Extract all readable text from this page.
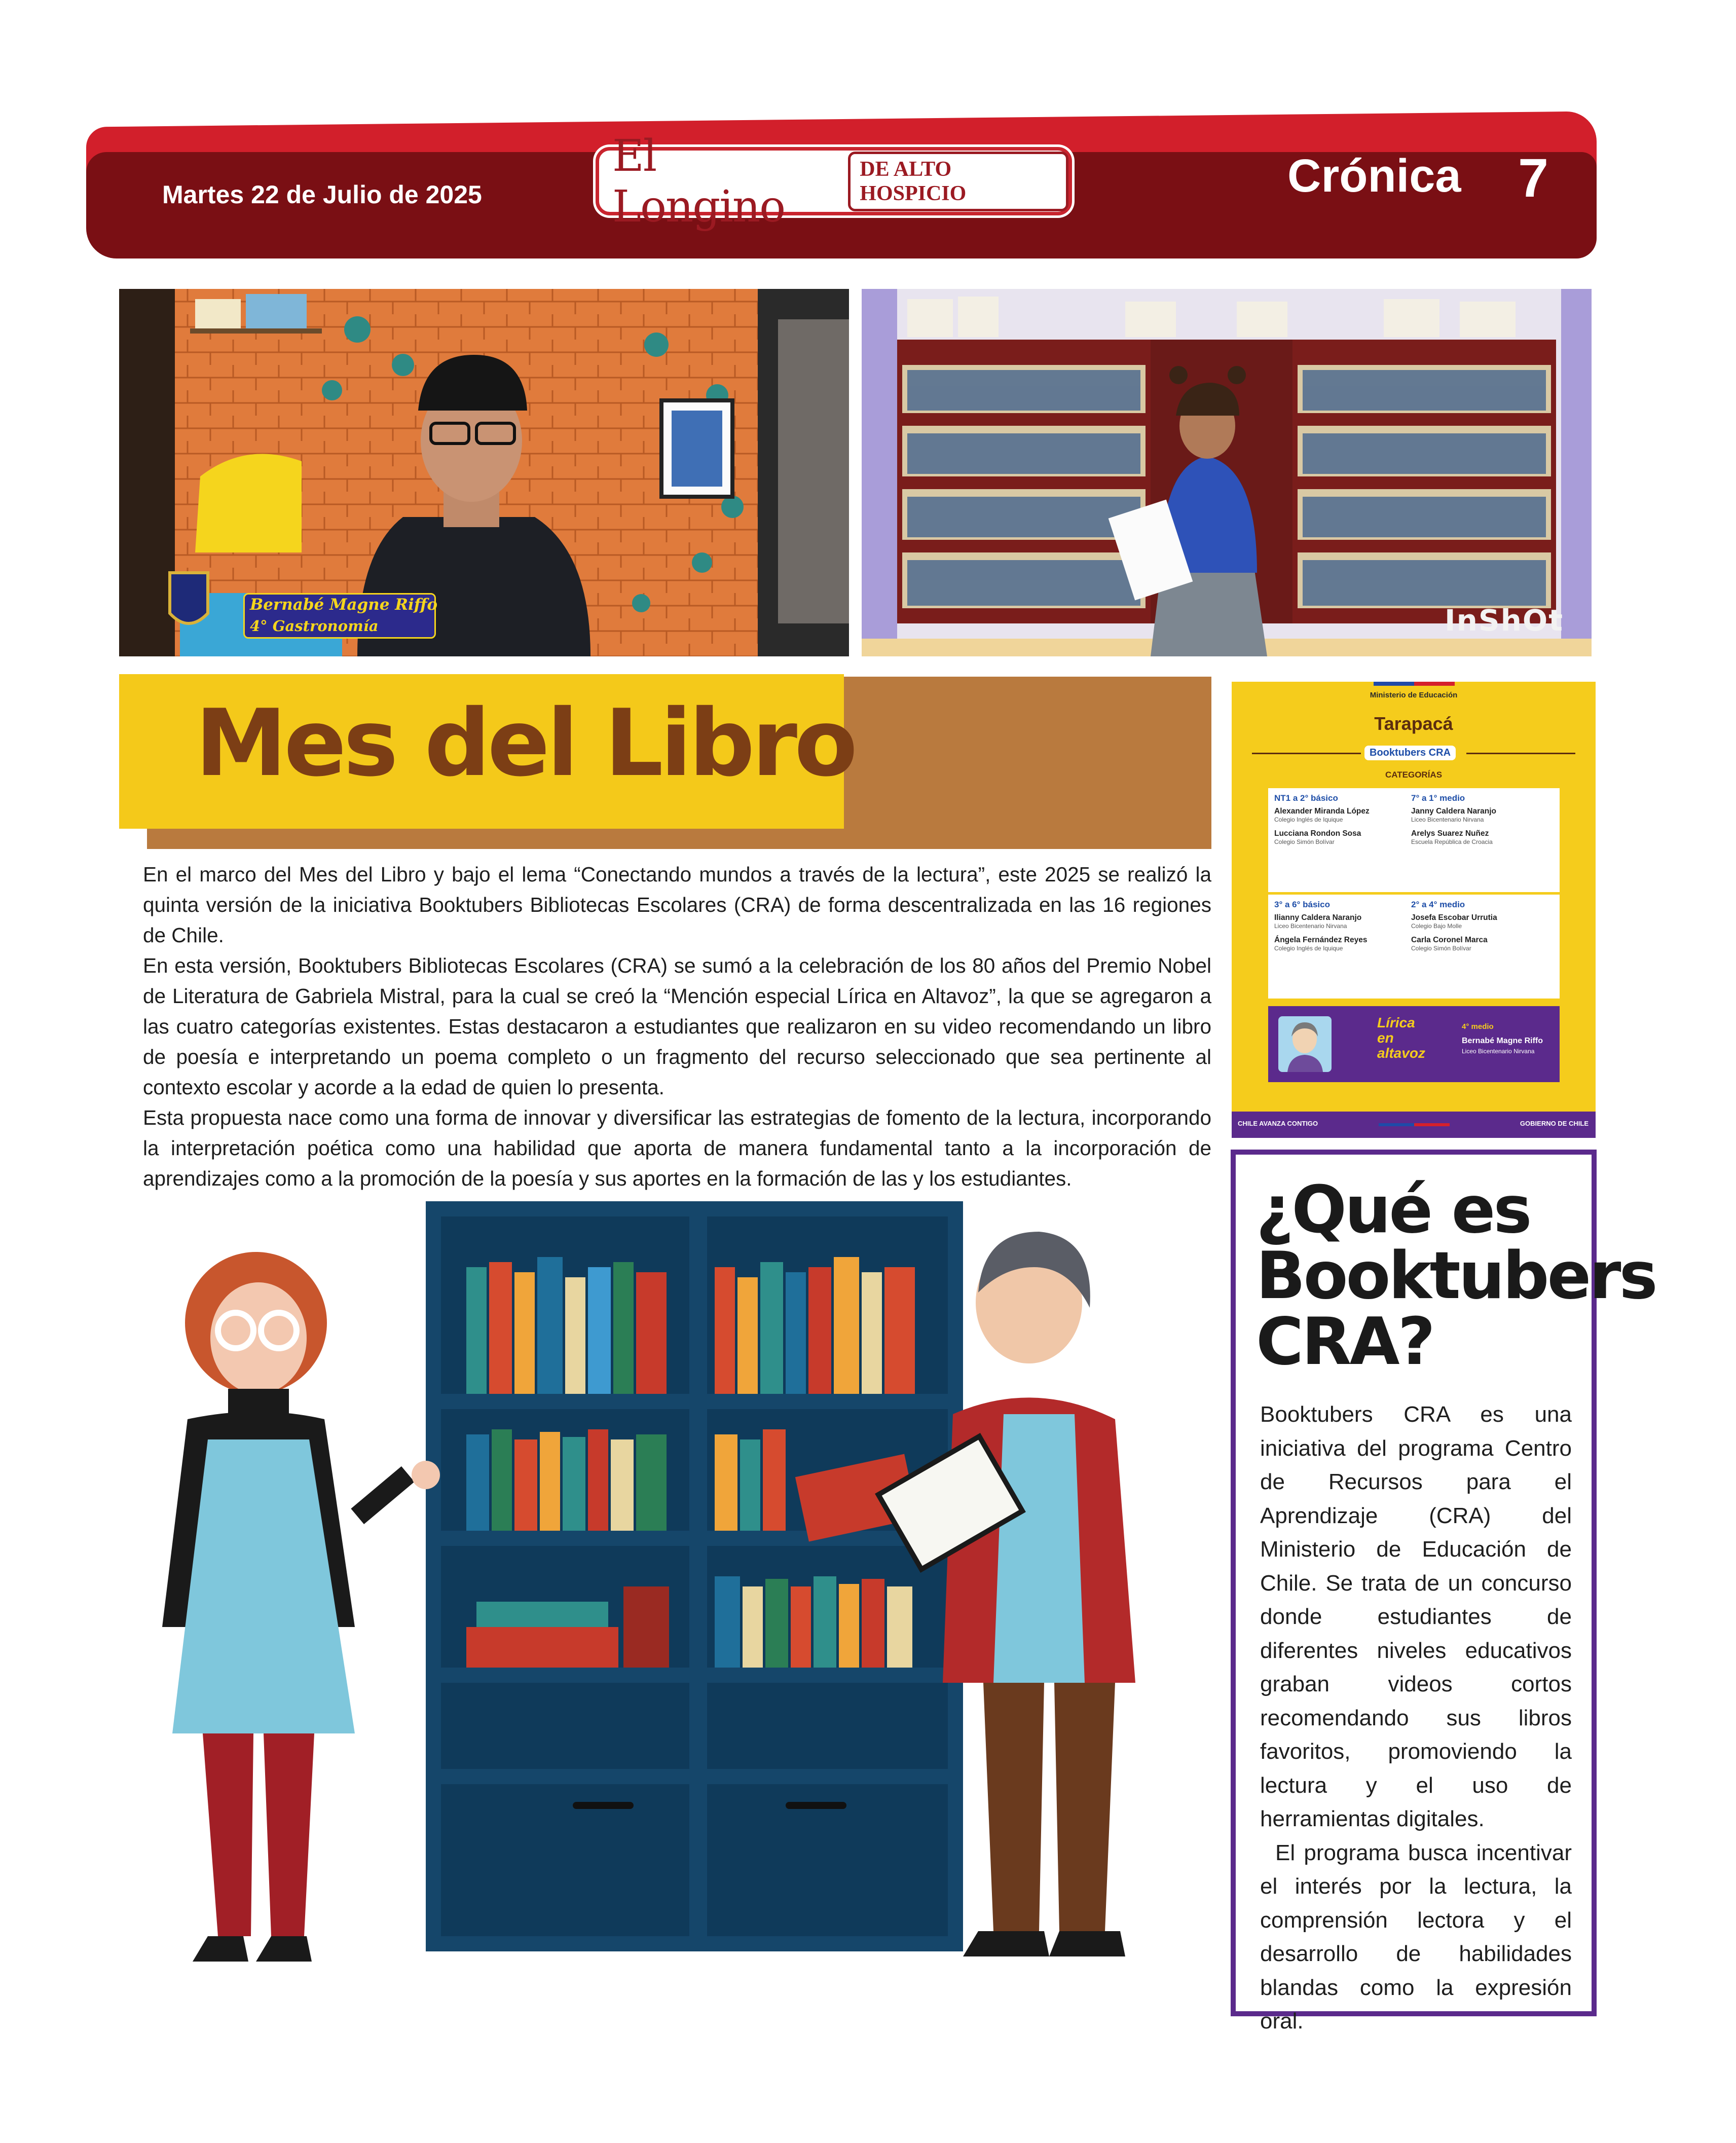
Martes 22 de Julio de 2025
El Longino
DE ALTO HOSPICIO	Crónica 7
Bernabé Magne Riffo
4° Gastronomía	InShOt
Mes del Libro

En el marco del Mes del Libro y bajo el lema “Conectando mundos a través de la lectura”, este 2025 se realizó la quinta versión de la iniciativa Booktubers Bibliotecas Escolares (CRA) de forma descentralizada en las 16 regiones de Chile.

En esta versión, Booktubers Bibliotecas Escolares (CRA) se sumó a la celebración de los 80 años del Premio Nobel de Literatura de Gabriela Mistral, para la cual se creó la “Mención especial Lírica en Altavoz”, la que se agregaron a las cuatro categorías existentes. Estas destacaron a estudiantes que realizaron en su video recomendando un libro de poesía e interpretando un poema completo o un fragmento del recurso seleccionado que sea pertinente al contexto escolar y acorde a la edad de quien lo presenta.

Esta propuesta nace como una forma de innovar y diversificar las estrategias de fomento de la lectura, incorporando la interpretación poética como una habilidad que aporta de manera fundamental tanto a la incorporación de aprendizajes como a la promoción de la poesía y sus aportes en la formación de las y los estudiantes.

Ministerio de Educación
Tarapacá
Booktubers CRA
CATEGORÍAS
NT1 a 2° básico
Alexander Miranda López
Colegio Inglés de Iquique
Lucciana Rondon Sosa
Colegio Simón Bolívar
7° a 1° medio
Janny Caldera Naranjo
Liceo Bicentenario Nirvana
Arelys Suarez Nuñez
Escuela República de Croacia
3° a 6° básico
Ilianny Caldera Naranjo
Liceo Bicentenario Nirvana
Ángela Fernández Reyes
Colegio Inglés de Iquique
2° a 4° medio
Josefa Escobar Urrutia
Colegio Bajo Molle
Carla Coronel Marca
Colegio Simón Bolívar
Lírica
en
altavoz
4° medio
Bernabé Magne Riffo
Liceo Bicentenario Nirvana
CHILE AVANZA CONTIGO	GOBIERNO DE CHILE
¿Qué es Booktubers CRA?

Booktubers CRA es una iniciativa del programa Centro de Recursos para el Aprendizaje (CRA) del Ministerio de Educación de Chile. Se trata de un concurso donde estudiantes de diferentes niveles educativos graban videos cortos recomendando sus libros favoritos, promoviendo la lectura y el uso de herramientas digitales.

El programa busca incentivar el interés por la lectura, la comprensión lectora y el desarrollo de habilidades blandas como la expresión oral.
